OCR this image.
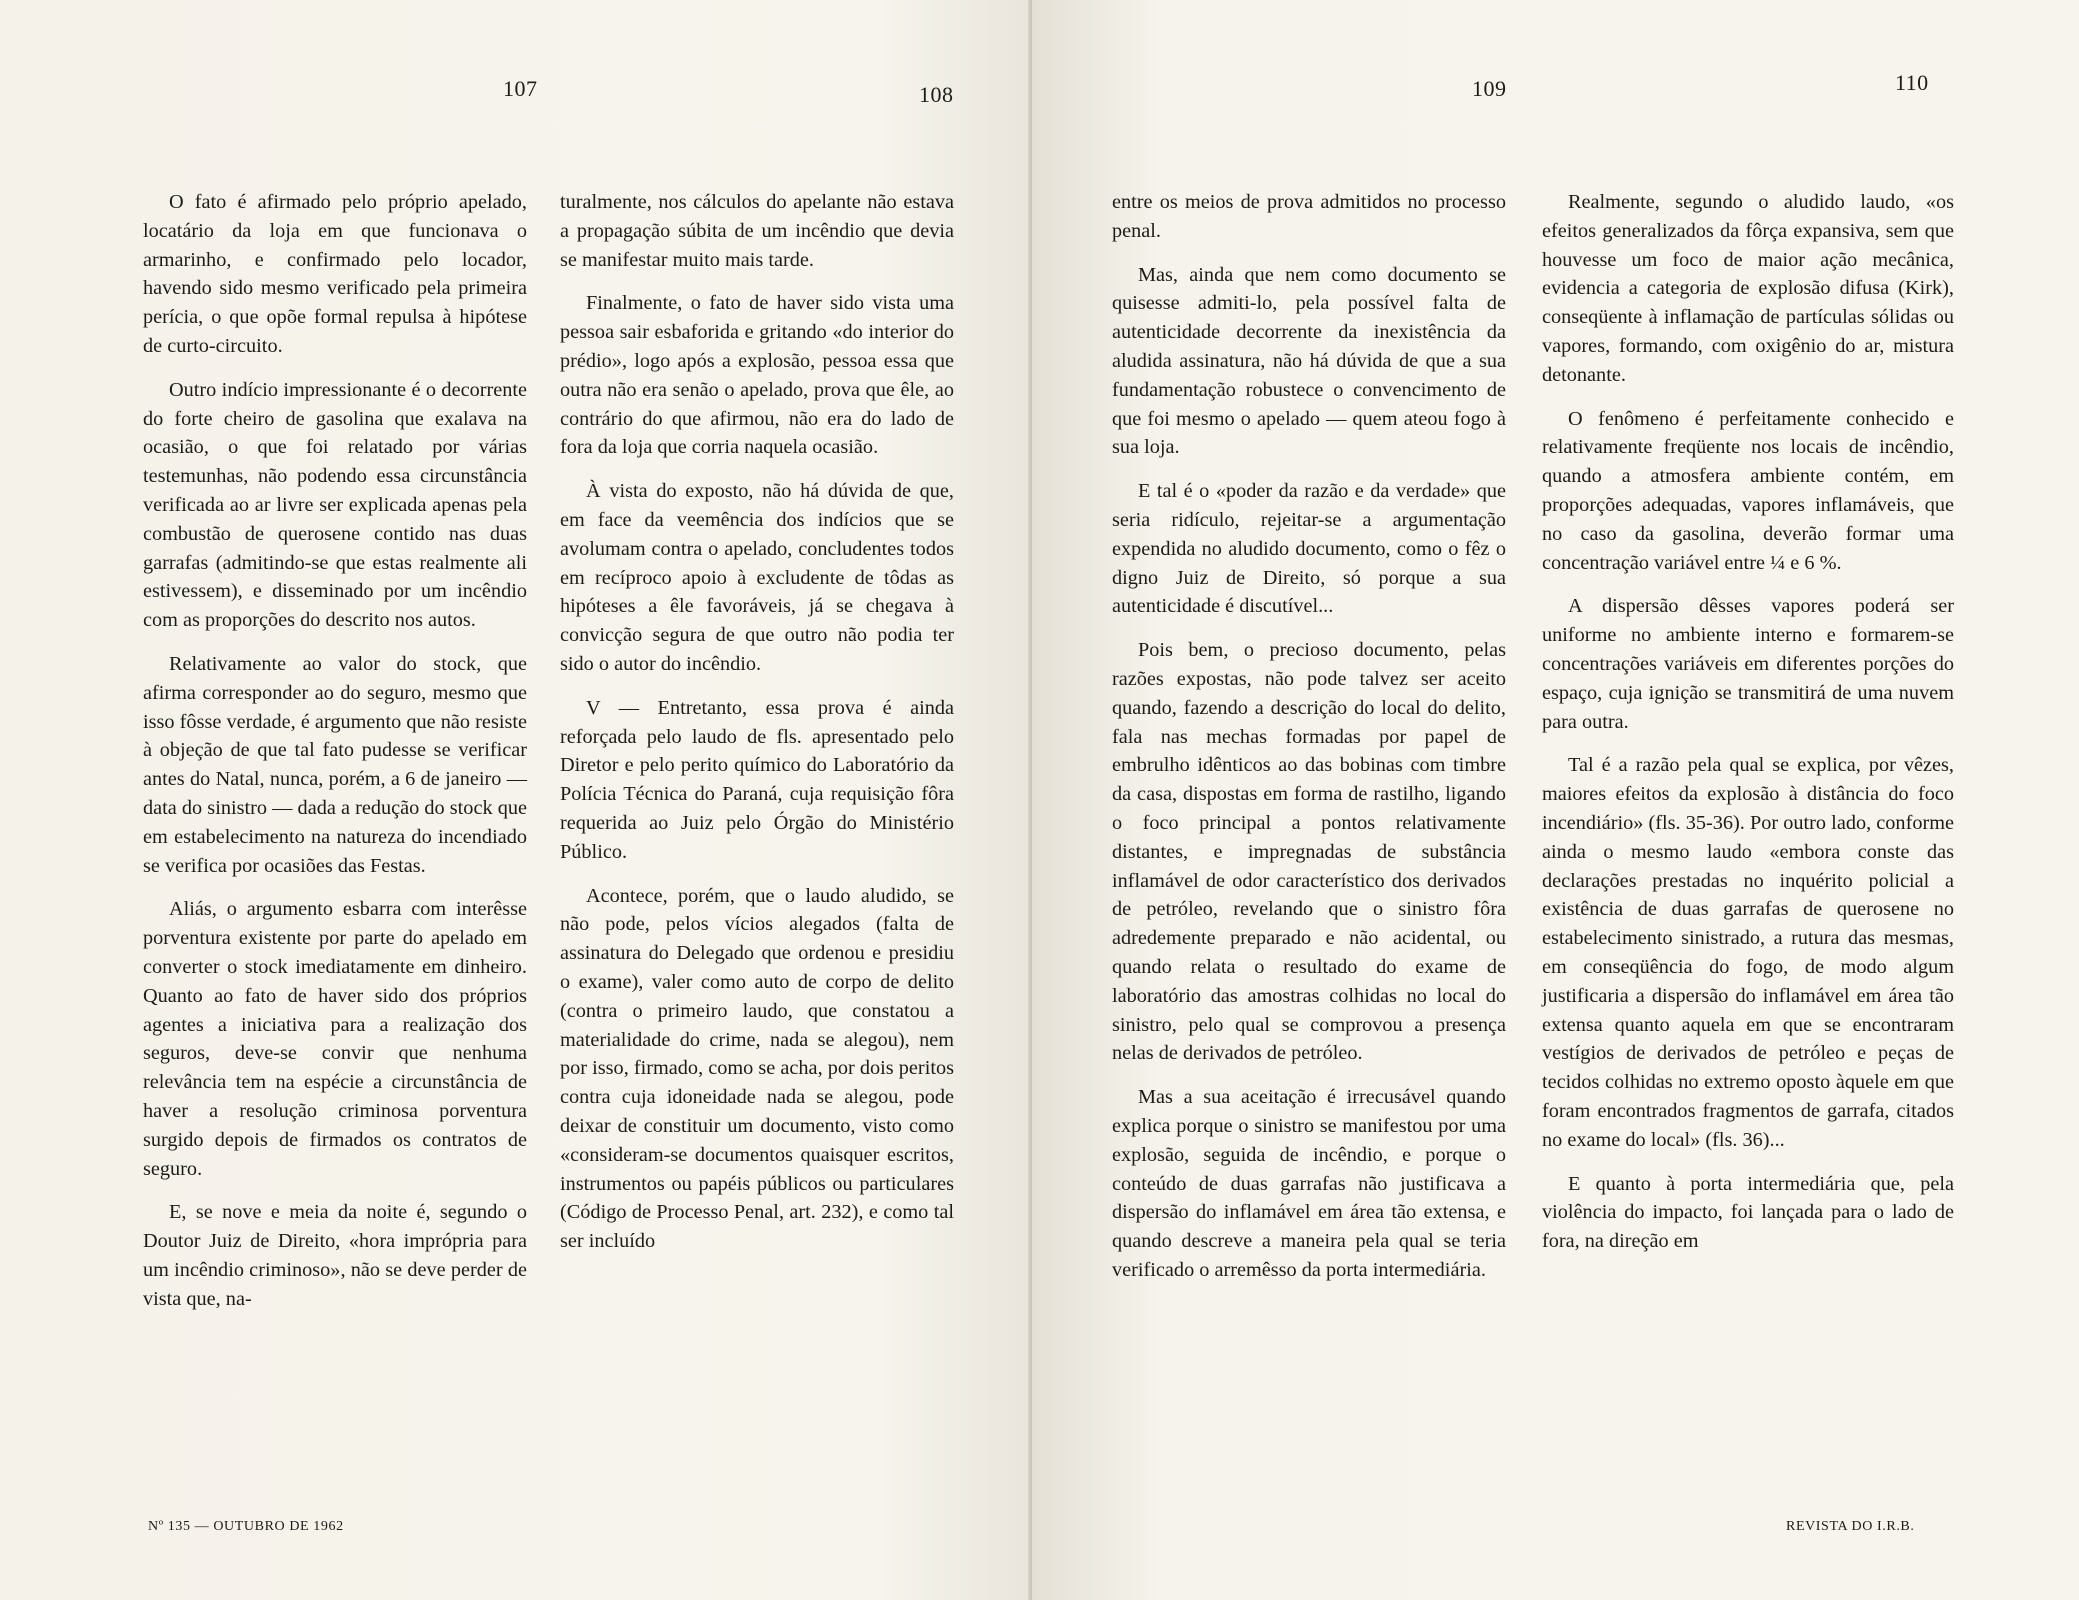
107	108

O fato é afirmado pelo próprio apelado, locatário da loja em que funcionava o armarinho, e confirmado pelo locador, havendo sido mesmo verificado pela primeira perícia, o que opõe formal repulsa à hipótese de curto-circuito.

Outro indício impressionante é o decorrente do forte cheiro de gasolina que exalava na ocasião, o que foi relatado por várias testemunhas, não podendo essa circunstância verificada ao ar livre ser explicada apenas pela combustão de querosene contido nas duas garrafas (admitindo-se que estas realmente ali estivessem), e disseminado por um incêndio com as proporções do descrito nos autos.

Relativamente ao valor do stock, que afirma corresponder ao do seguro, mesmo que isso fôsse verdade, é argumento que não resiste à objeção de que tal fato pudesse se verificar antes do Natal, nunca, porém, a 6 de janeiro — data do sinistro — dada a redução do stock que em estabelecimento na natureza do incendiado se verifica por ocasiões das Festas.

Aliás, o argumento esbarra com interêsse porventura existente por parte do apelado em converter o stock imediatamente em dinheiro. Quanto ao fato de haver sido dos próprios agentes a iniciativa para a realização dos seguros, deve-se convir que nenhuma relevância tem na espécie a circunstância de haver a resolução criminosa porventura surgido depois de firmados os contratos de seguro.

E, se nove e meia da noite é, segundo o Doutor Juiz de Direito, «hora imprópria para um incêndio criminoso», não se deve perder de vista que, na-

turalmente, nos cálculos do apelante não estava a propagação súbita de um incêndio que devia se manifestar muito mais tarde.

Finalmente, o fato de haver sido vista uma pessoa sair esbaforida e gritando «do interior do prédio», logo após a explosão, pessoa essa que outra não era senão o apelado, prova que êle, ao contrário do que afirmou, não era do lado de fora da loja que corria naquela ocasião.

À vista do exposto, não há dúvida de que, em face da veemência dos indícios que se avolumam contra o apelado, concludentes todos em recíproco apoio à excludente de tôdas as hipóteses a êle favoráveis, já se chegava à convicção segura de que outro não podia ter sido o autor do incêndio.

V — Entretanto, essa prova é ainda reforçada pelo laudo de fls. apresentado pelo Diretor e pelo perito químico do Laboratório da Polícia Técnica do Paraná, cuja requisição fôra requerida ao Juiz pelo Órgão do Ministério Público.

Acontece, porém, que o laudo aludido, se não pode, pelos vícios alegados (falta de assinatura do Delegado que ordenou e presidiu o exame), valer como auto de corpo de delito (contra o primeiro laudo, que constatou a materialidade do crime, nada se alegou), nem por isso, firmado, como se acha, por dois peritos contra cuja idoneidade nada se alegou, pode deixar de constituir um documento, visto como «consideram-se documentos quaisquer escritos, instrumentos ou papéis públicos ou particulares (Código de Processo Penal, art. 232), e como tal ser incluído

Nº 135 — OUTUBRO DE 1962
109	110

entre os meios de prova admitidos no processo penal.

Mas, ainda que nem como documento se quisesse admiti-lo, pela possível falta de autenticidade decorrente da inexistência da aludida assinatura, não há dúvida de que a sua fundamentação robustece o convencimento de que foi mesmo o apelado — quem ateou fogo à sua loja.

E tal é o «poder da razão e da verdade» que seria ridículo, rejeitar-se a argumentação expendida no aludido documento, como o fêz o digno Juiz de Direito, só porque a sua autenticidade é discutível...

Pois bem, o precioso documento, pelas razões expostas, não pode talvez ser aceito quando, fazendo a descrição do local do delito, fala nas mechas formadas por papel de embrulho idênticos ao das bobinas com timbre da casa, dispostas em forma de rastilho, ligando o foco principal a pontos relativamente distantes, e impregnadas de substância inflamável de odor característico dos derivados de petróleo, revelando que o sinistro fôra adredemente preparado e não acidental, ou quando relata o resultado do exame de laboratório das amostras colhidas no local do sinistro, pelo qual se comprovou a presença nelas de derivados de petróleo.

Mas a sua aceitação é irrecusável quando explica porque o sinistro se manifestou por uma explosão, seguida de incêndio, e porque o conteúdo de duas garrafas não justificava a dispersão do inflamável em área tão extensa, e quando descreve a maneira pela qual se teria verificado o arremêsso da porta intermediária.

Realmente, segundo o aludido laudo, «os efeitos generalizados da fôrça expansiva, sem que houvesse um foco de maior ação mecânica, evidencia a categoria de explosão difusa (Kirk), conseqüente à inflamação de partículas sólidas ou vapores, formando, com oxigênio do ar, mistura detonante.

O fenômeno é perfeitamente conhecido e relativamente freqüente nos locais de incêndio, quando a atmosfera ambiente contém, em proporções adequadas, vapores inflamáveis, que no caso da gasolina, deverão formar uma concentração variável entre ¼ e 6 %.

A dispersão dêsses vapores poderá ser uniforme no ambiente interno e formarem-se concentrações variáveis em diferentes porções do espaço, cuja ignição se transmitirá de uma nuvem para outra.

Tal é a razão pela qual se explica, por vêzes, maiores efeitos da explosão à distância do foco incendiário» (fls. 35-36). Por outro lado, conforme ainda o mesmo laudo «embora conste das declarações prestadas no inquérito policial a existência de duas garrafas de querosene no estabelecimento sinistrado, a rutura das mesmas, em conseqüência do fogo, de modo algum justificaria a dispersão do inflamável em área tão extensa quanto aquela em que se encontraram vestígios de derivados de petróleo e peças de tecidos colhidas no extremo oposto àquele em que foram encontrados fragmentos de garrafa, citados no exame do local» (fls. 36)...

E quanto à porta intermediária que, pela violência do impacto, foi lançada para o lado de fora, na direção em

REVISTA DO I.R.B.
